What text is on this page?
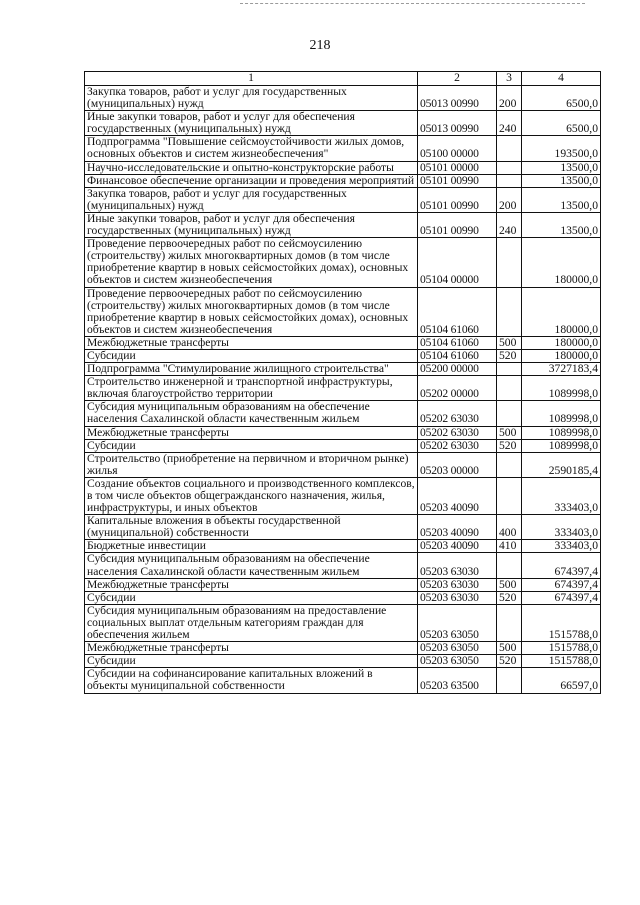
218
1	2	3	4
Закупка товаров, работ и услуг для государственных (муниципальных) нужд	05013 00990	200	6500,0
Иные закупки товаров, работ и услуг для обеспечения государственных (муниципальных) нужд	05013 00990	240	6500,0
Подпрограмма "Повышение сейсмоустойчивости жилых домов, основных объектов и систем жизнеобеспечения"	05100 00000		193500,0
Научно-исследовательские и опытно-конструкторские работы	05101 00000		13500,0
Финансовое обеспечение организации и проведения мероприятий	05101 00990		13500,0
Закупка товаров, работ и услуг для государственных (муниципальных) нужд	05101 00990	200	13500,0
Иные закупки товаров, работ и услуг для обеспечения государственных (муниципальных) нужд	05101 00990	240	13500,0
Проведение первоочередных работ по сейсмоусилению (строительству) жилых многоквартирных домов (в том числе приобретение квартир в новых сейсмостойких домах), основных объектов и систем жизнеобеспечения	05104 00000		180000,0
Проведение первоочередных работ по сейсмоусилению (строительству) жилых многоквартирных домов (в том числе приобретение квартир в новых сейсмостойких домах), основных объектов и систем жизнеобеспечения	05104 61060		180000,0
Межбюджетные трансферты	05104 61060	500	180000,0
Субсидии	05104 61060	520	180000,0
Подпрограмма "Стимулирование жилищного строительства"	05200 00000		3727183,4
Строительство инженерной и транспортной инфраструктуры, включая благоустройство территории	05202 00000		1089998,0
Субсидия муниципальным образованиям на обеспечение населения Сахалинской области качественным жильем	05202 63030		1089998,0
Межбюджетные трансферты	05202 63030	500	1089998,0
Субсидии	05202 63030	520	1089998,0
Строительство (приобретение на первичном и вторичном рынке) жилья	05203 00000		2590185,4
Создание объектов социального и производственного комплексов, в том числе объектов общегражданского назначения, жилья, инфраструктуры, и иных объектов	05203 40090		333403,0
Капитальные вложения в объекты государственной (муниципальной) собственности	05203 40090	400	333403,0
Бюджетные инвестиции	05203 40090	410	333403,0
Субсидия муниципальным образованиям на обеспечение населения Сахалинской области качественным жильем	05203 63030		674397,4
Межбюджетные трансферты	05203 63030	500	674397,4
Субсидии	05203 63030	520	674397,4
Субсидия муниципальным образованиям на предоставление социальных выплат отдельным категориям граждан для обеспечения жильем	05203 63050		1515788,0
Межбюджетные трансферты	05203 63050	500	1515788,0
Субсидии	05203 63050	520	1515788,0
Субсидии на софинансирование капитальных вложений в объекты муниципальной собственности	05203 63500		66597,0
